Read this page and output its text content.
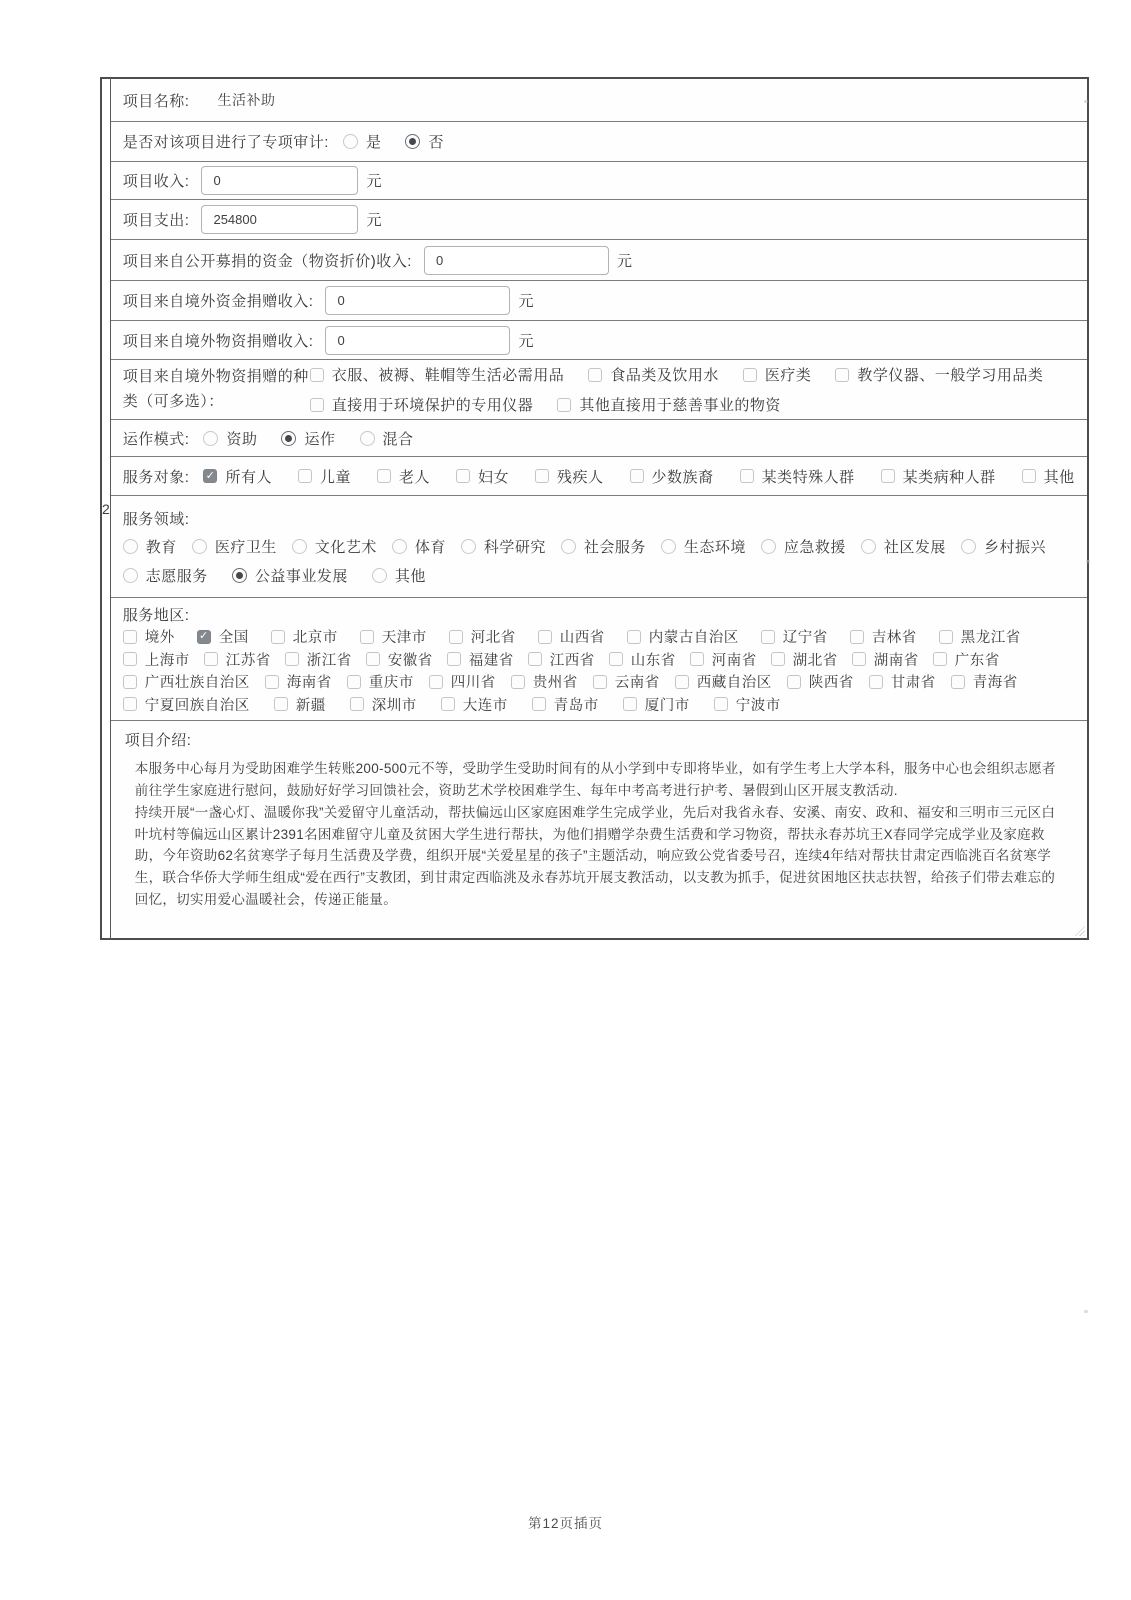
2
项目名称: 生活补助
是否对该项目进行了专项审计: 是	否
项目收入:
0	元
项目支出:
254800	元
项目来自公开募捐的资金（物资折价)收入:
0	元
项目来自境外资金捐赠收入:
0	元
项目来自境外物资捐赠收入:
0	元
项目来自境外物资捐赠的种类（可多选）：
衣服、被褥、鞋帽等生活必需用品	食品类及饮用水	医疗类	教学仪器、一般学习用品类
直接用于环境保护的专用仪器	其他直接用于慈善事业的物资
运作模式: 资助	运作	混合
服务对象: ✓ 所有人	儿童	老人	妇女	残疾人	少数族裔	某类特殊人群	某类病种人群	其他
服务领域:
教育	医疗卫生	文化艺术	体育	科学研究	社会服务	生态环境	应急救援	社区发展	乡村振兴
志愿服务	公益事业发展	其他
服务地区:
境外 ✓ 全国	北京市	天津市	河北省	山西省	内蒙古自治区	辽宁省	吉林省	黑龙江省
上海市 江苏省 浙江省 安徽省 福建省 江西省 山东省 河南省 湖北省 湖南省 广东省
广西壮族自治区	海南省	重庆市	四川省	贵州省	云南省	西藏自治区	陕西省	甘肃省	青海省
宁夏回族自治区	新疆	深圳市	大连市	青岛市	厦门市	宁波市
项目介绍:
本服务中心每月为受助困难学生转账200-500元不等，受助学生受助时间有的从小学到中专即将毕业，如有学生考上大学本科，服务中心也会组织志愿者前往学生家庭进行慰问，鼓励好好学习回馈社会，资助艺术学校困难学生、每年中考高考进行护考、暑假到山区开展支教活动.
持续开展“一盏心灯、温暖你我”关爱留守儿童活动，帮扶偏远山区家庭困难学生完成学业，先后对我省永春、安溪、南安、政和、福安和三明市三元区白叶坑村等偏远山区累计2391名困难留守儿童及贫困大学生进行帮扶，为他们捐赠学杂费生活费和学习物资，帮扶永春苏坑王X春同学完成学业及家庭救助，今年资助62名贫寒学子每月生活费及学费，组织开展“关爱星星的孩子”主题活动，响应致公党省委号召，连续4年结对帮扶甘肃定西临洮百名贫寒学生，联合华侨大学师生组成“爱在西行”支教团，到甘肃定西临洮及永春苏坑开展支教活动，以支教为抓手，促进贫困地区扶志扶智，给孩子们带去难忘的回忆，切实用爱心温暖社会，传递正能量。
第12页插页
